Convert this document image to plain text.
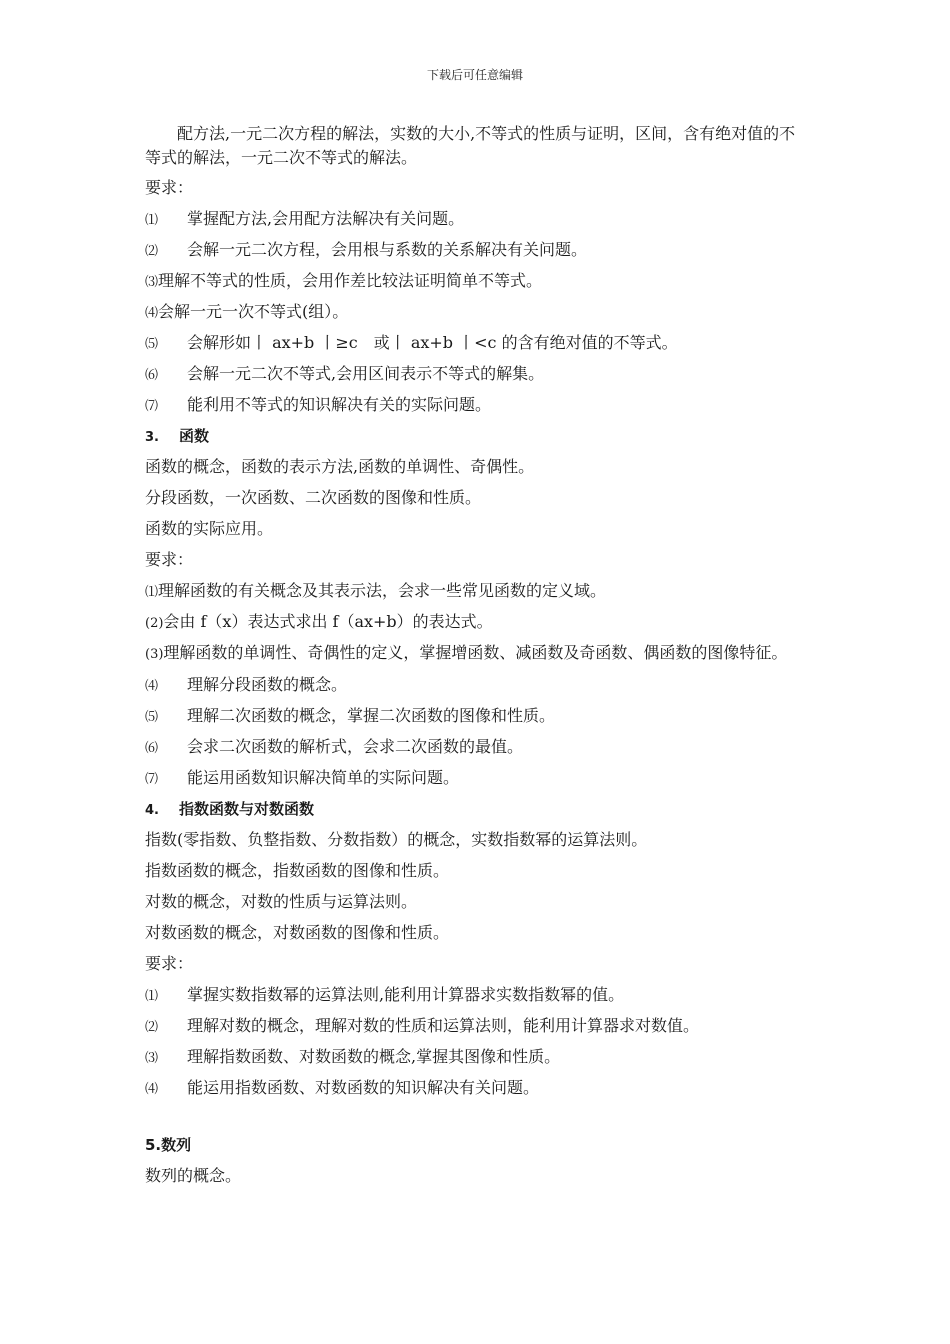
下载后可任意编辑
配方法,一元二次方程的解法，实数的大小,不等式的性质与证明，区间，含有绝对值的不等式的解法，一元二次不等式的解法。
要求：
⑴ 掌握配方法,会用配方法解决有关问题。
⑵ 会解一元二次方程，会用根与系数的关系解决有关问题。
⑶理解不等式的性质，会用作差比较法证明简单不等式。
⑷会解一元一次不等式(组）。
⑸ 会解形如丨 ax+b 丨≥c　或丨 ax+b 丨<c 的含有绝对值的不等式。
⑹ 会解一元二次不等式,会用区间表示不等式的解集。
⑺ 能利用不等式的知识解决有关的实际问题。
3. 函数
函数的概念，函数的表示方法,函数的单调性、奇偶性。
分段函数，一次函数、二次函数的图像和性质。
函数的实际应用。
要求：
⑴理解函数的有关概念及其表示法，会求一些常见函数的定义域。
(2)会由 f（x）表达式求出 f（ax+b）的表达式。
(3)理解函数的单调性、奇偶性的定义，掌握增函数、减函数及奇函数、偶函数的图像特征。
⑷ 理解分段函数的概念。
⑸ 理解二次函数的概念，掌握二次函数的图像和性质。
⑹ 会求二次函数的解析式，会求二次函数的最值。
⑺ 能运用函数知识解决简单的实际问题。
4. 指数函数与对数函数
指数(零指数、负整指数、分数指数）的概念，实数指数幂的运算法则。
指数函数的概念，指数函数的图像和性质。
对数的概念，对数的性质与运算法则。
对数函数的概念，对数函数的图像和性质。
要求：
⑴ 掌握实数指数幂的运算法则,能利用计算器求实数指数幂的值。
⑵ 理解对数的概念，理解对数的性质和运算法则，能利用计算器求对数值。
⑶ 理解指数函数、对数函数的概念,掌握其图像和性质。
⑷ 能运用指数函数、对数函数的知识解决有关问题。
5.数列
数列的概念。
